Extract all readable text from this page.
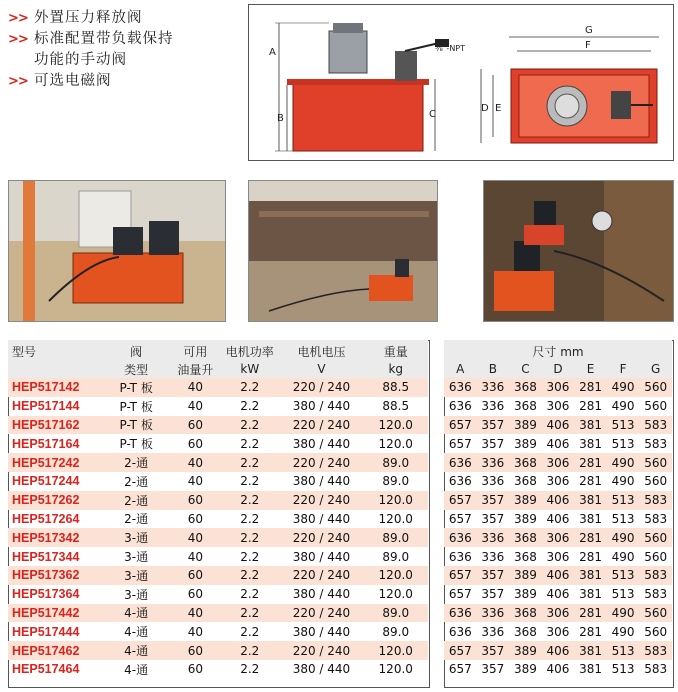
>> 外置压力释放阀
>> 标准配置带负载保持
功能的手动阀
>> 可选电磁阀
A
B	C
⅜"-NPT
G
F
D E
型号	阀	可用	电机功率	电机电压	重量
	类型	油量升	kW	V	kg
HEP517142	P-T 板	40	2.2	220 / 240	88.5
HEP517144	P-T 板	40	2.2	380 / 440	88.5
HEP517162	P-T 板	60	2.2	220 / 240	120.0
HEP517164	P-T 板	60	2.2	380 / 440	120.0
HEP517242	2-通	40	2.2	220 / 240	89.0
HEP517244	2-通	40	2.2	380 / 440	89.0
HEP517262	2-通	60	2.2	220 / 240	120.0
HEP517264	2-通	60	2.2	380 / 440	120.0
HEP517342	3-通	40	2.2	220 / 240	89.0
HEP517344	3-通	40	2.2	380 / 440	89.0
HEP517362	3-通	60	2.2	220 / 240	120.0
HEP517364	3-通	60	2.2	380 / 440	120.0
HEP517442	4-通	40	2.2	220 / 240	89.0
HEP517444	4-通	40	2.2	380 / 440	89.0
HEP517462	4-通	60	2.2	220 / 240	120.0
HEP517464	4-通	60	2.2	380 / 440	120.0
尺寸 mm						
A	B	C	D	E	F	G
636	336	368	306	281	490	560
636	336	368	306	281	490	560
657	357	389	406	381	513	583
657	357	389	406	381	513	583
636	336	368	306	281	490	560
636	336	368	306	281	490	560
657	357	389	406	381	513	583
657	357	389	406	381	513	583
636	336	368	306	281	490	560
636	336	368	306	281	490	560
657	357	389	406	381	513	583
657	357	389	406	381	513	583
636	336	368	306	281	490	560
636	336	368	306	281	490	560
657	357	389	406	381	513	583
657	357	389	406	381	513	583
